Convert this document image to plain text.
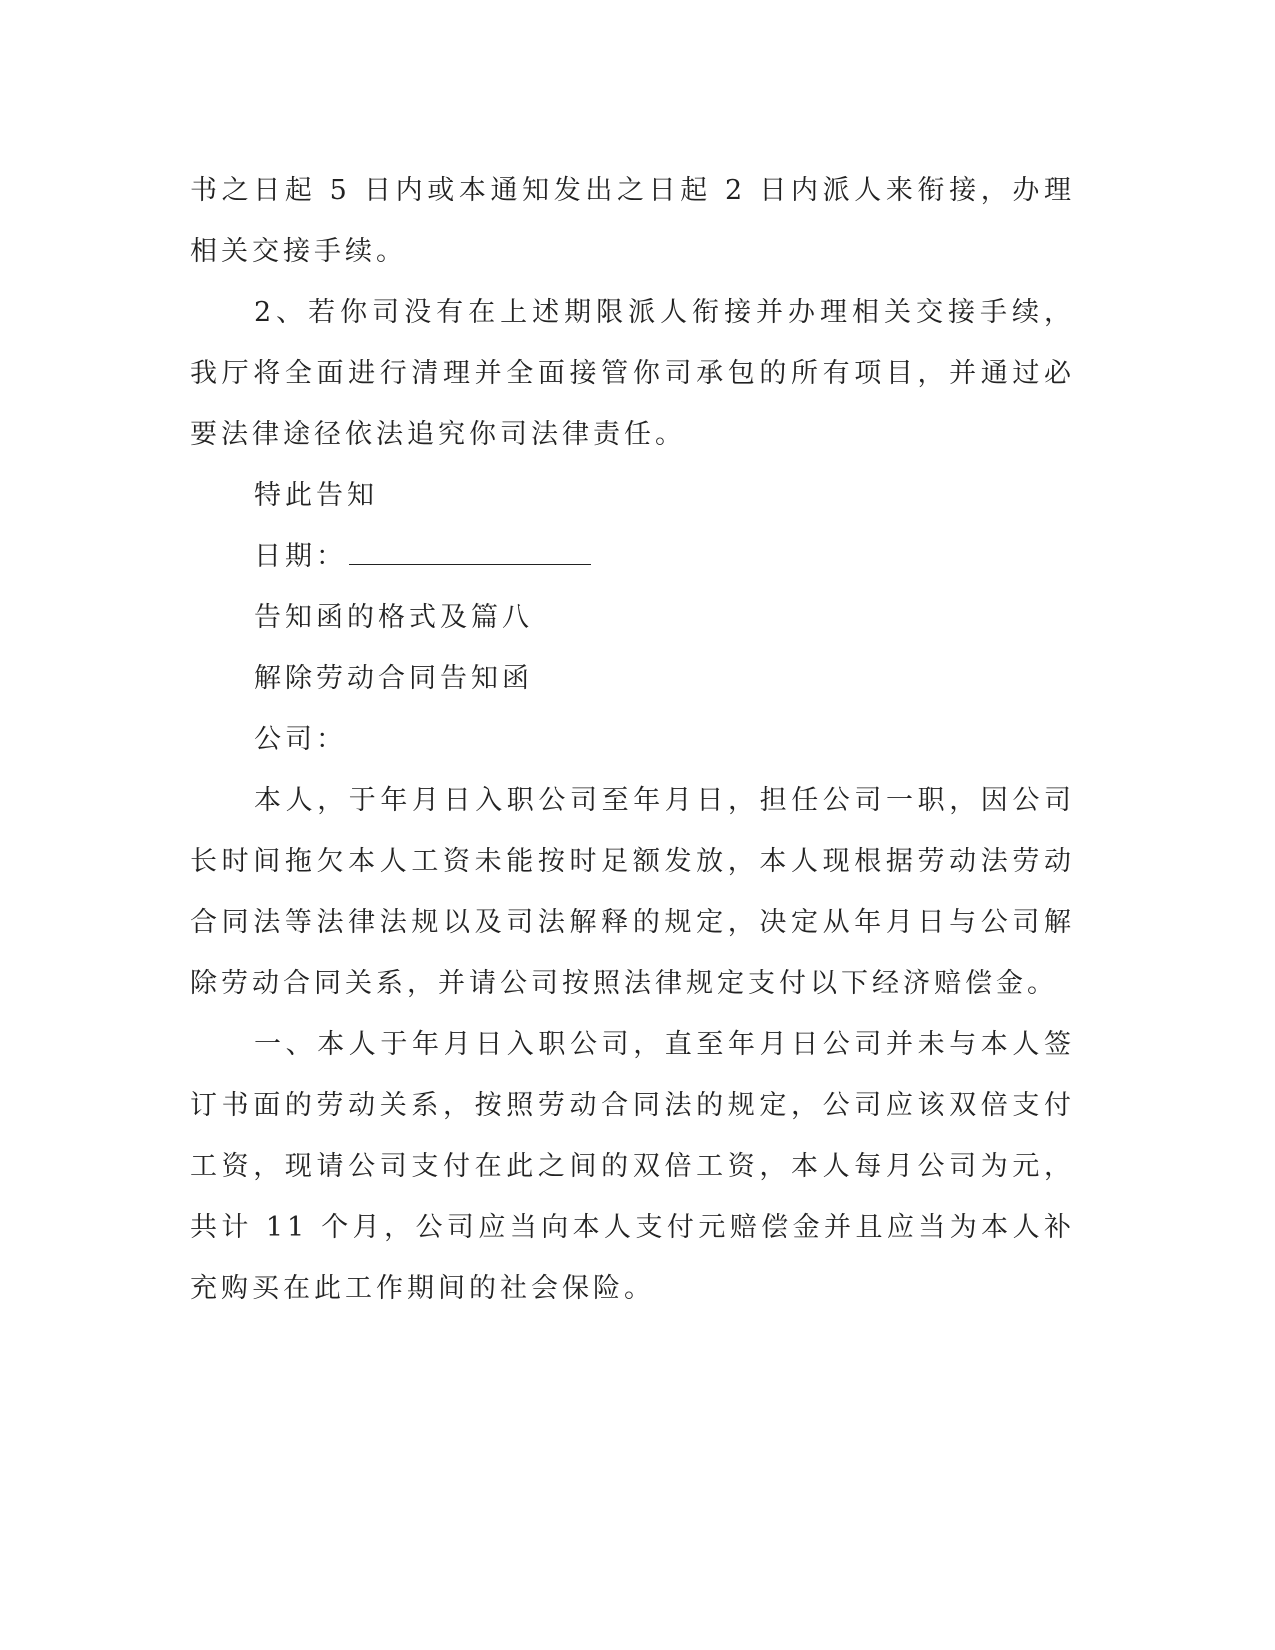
书之日起 5 日内或本通知发出之日起 2 日内派人来衔接，办理相关交接手续。

2、若你司没有在上述期限派人衔接并办理相关交接手续，我厅将全面进行清理并全面接管你司承包的所有项目，并通过必要法律途径依法追究你司法律责任。

特此告知

日期：

告知函的格式及篇八

解除劳动合同告知函

公司：

本人，于年月日入职公司至年月日，担任公司一职，因公司长时间拖欠本人工资未能按时足额发放，本人现根据劳动法劳动合同法等法律法规以及司法解释的规定，决定从年月日与公司解除劳动合同关系，并请公司按照法律规定支付以下经济赔偿金。

一、本人于年月日入职公司，直至年月日公司并未与本人签订书面的劳动关系，按照劳动合同法的规定，公司应该双倍支付工资，现请公司支付在此之间的双倍工资，本人每月公司为元，共计 11 个月，公司应当向本人支付元赔偿金并且应当为本人补充购买在此工作期间的社会保险。
